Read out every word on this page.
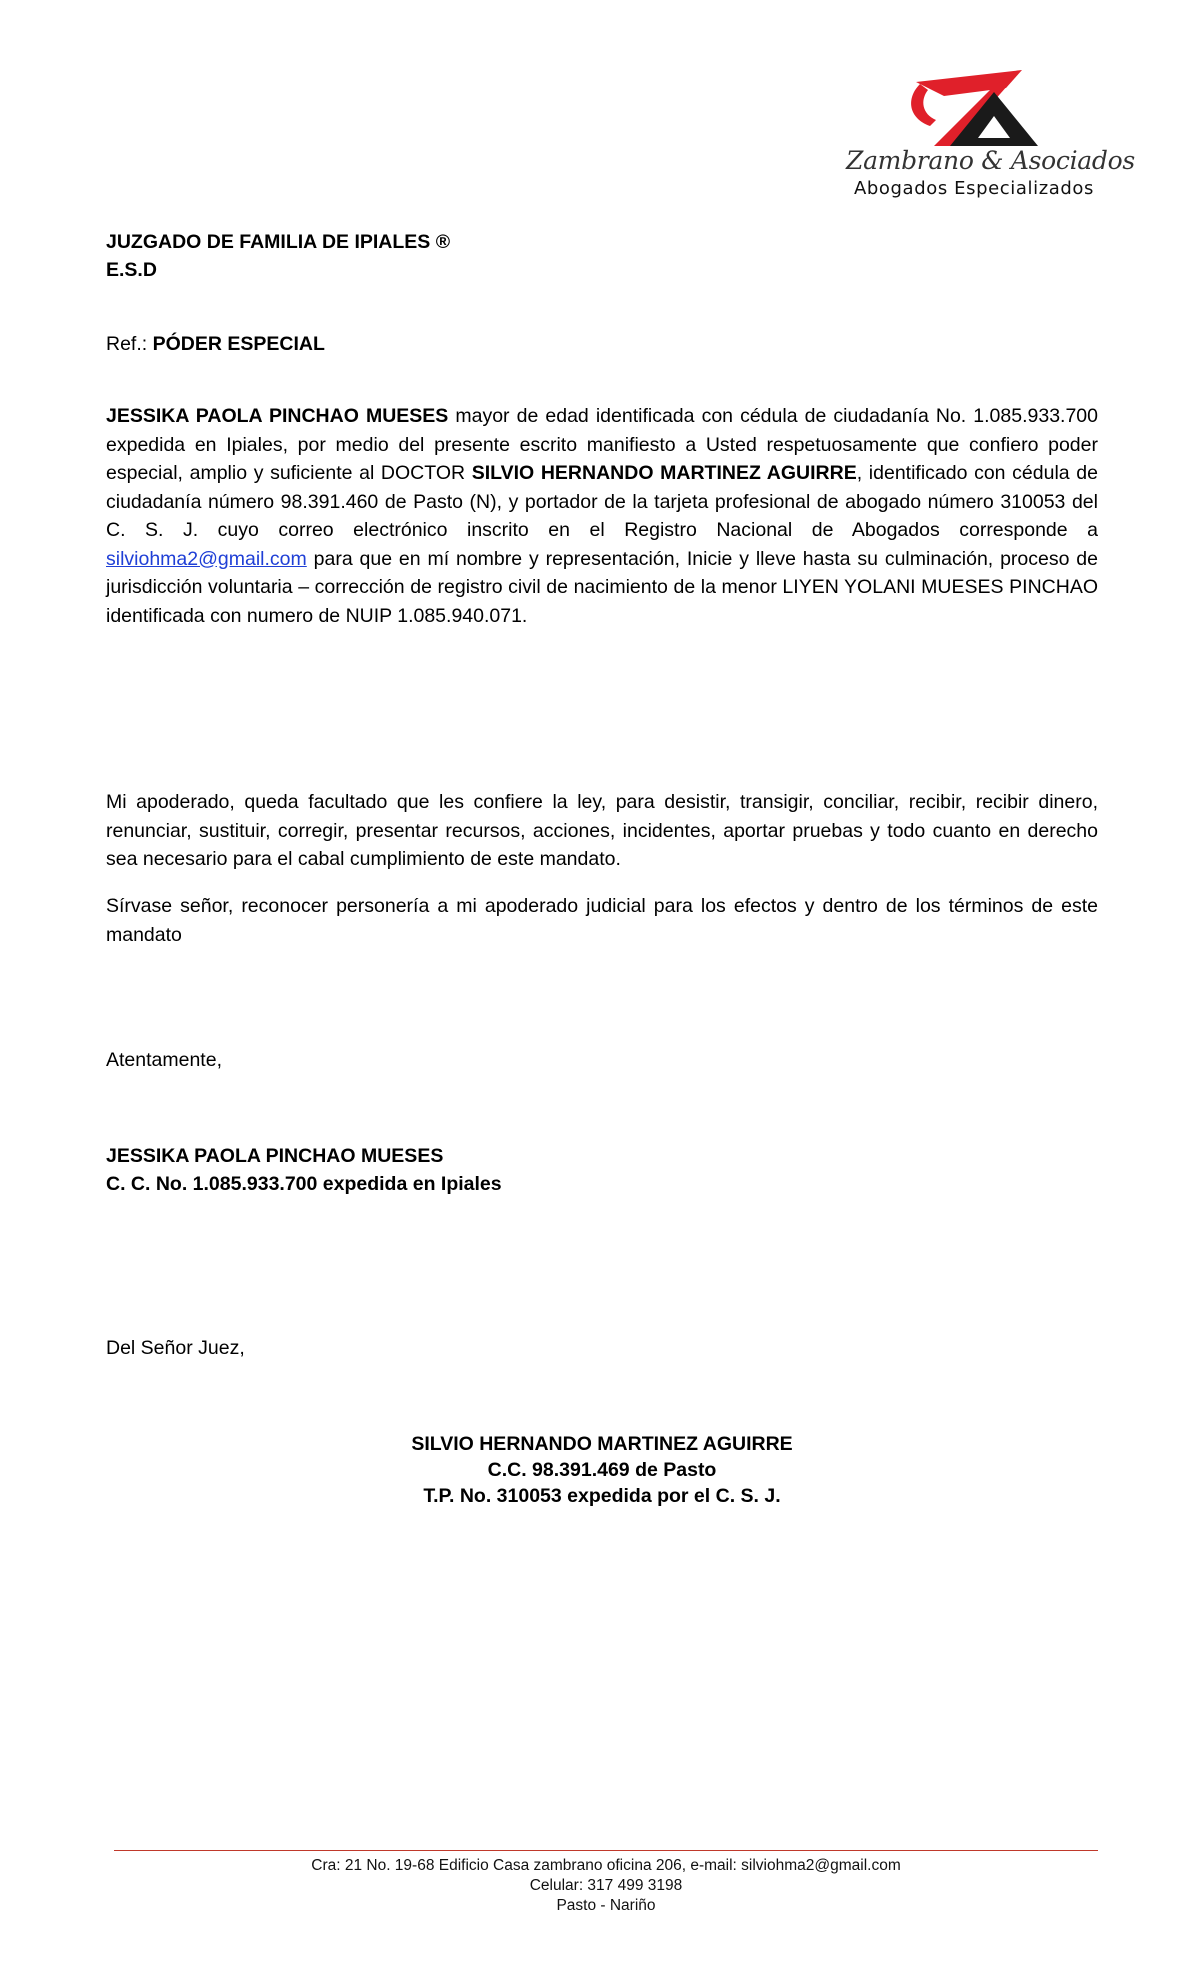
Zambrano & Asociados
Abogados Especializados
JUZGADO DE FAMILIA DE IPIALES ®
E.S.D
Ref.: PÓDER ESPECIAL
JESSIKA PAOLA PINCHAO MUESES mayor de edad identificada con cédula de ciudadanía No. 1.085.933.700 expedida en Ipiales, por medio del presente escrito manifiesto a Usted respetuosamente que confiero poder especial, amplio y suficiente al DOCTOR SILVIO HERNANDO MARTINEZ AGUIRRE, identificado con cédula de ciudadanía número 98.391.460 de Pasto (N), y portador de la tarjeta profesional de abogado número 310053 del C. S. J. cuyo correo electrónico inscrito en el Registro Nacional de Abogados corresponde a silviohma2@gmail.com para que en mí nombre y representación, Inicie y lleve hasta su culminación, proceso de jurisdicción voluntaria – corrección de registro civil de nacimiento de la menor LIYEN YOLANI MUESES PINCHAO identificada con numero de NUIP 1.085.940.071.
Mi apoderado, queda facultado que les confiere la ley, para desistir, transigir, conciliar, recibir, recibir dinero, renunciar, sustituir, corregir, presentar recursos, acciones, incidentes, aportar pruebas y todo cuanto en derecho sea necesario para el cabal cumplimiento de este mandato.
Sírvase señor, reconocer personería a mi apoderado judicial para los efectos y dentro de los términos de este mandato
Atentamente,
JESSIKA PAOLA PINCHAO MUESES
C. C. No. 1.085.933.700 expedida en Ipiales
Del Señor Juez,
SILVIO HERNANDO MARTINEZ AGUIRRE
C.C. 98.391.469 de Pasto
T.P. No. 310053 expedida por el C. S. J.
Cra: 21 No. 19-68 Edificio Casa zambrano oficina 206, e-mail: silviohma2@gmail.com
Celular: 317 499 3198
Pasto - Nariño
